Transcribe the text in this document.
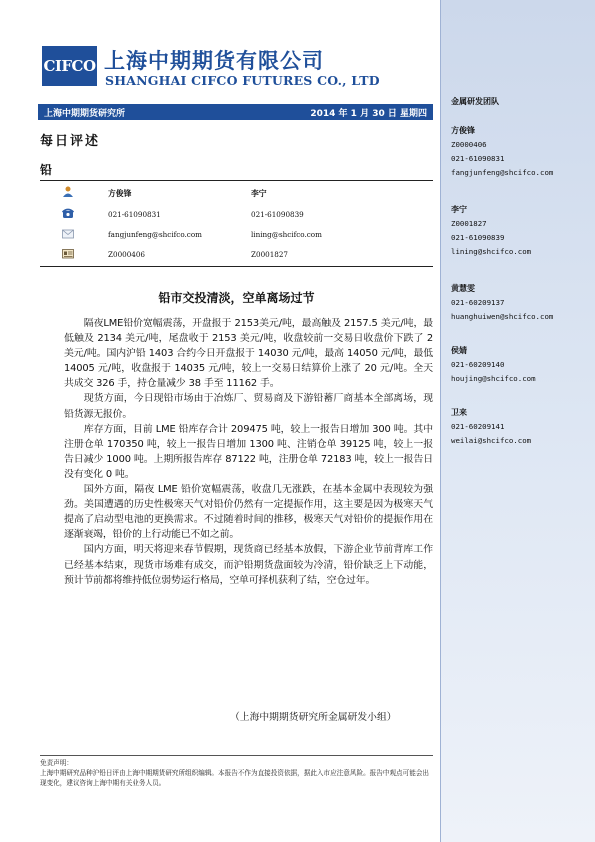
金属研发团队
方俊锋
Z0000406
021-61090831
fangjunfeng@shcifco.com
李宁
Z0001827
021-61090839
lining@shcifco.com
黄慧雯
021-60209137
huanghuiwen@shcifco.com
侯婧
021-60209140
houjing@shcifco.com
卫来
021-60209141
weilai@shcifco.com
CIFCO 上海中期期货有限公司
SHANGHAI CIFCO FUTURES CO., LTD
上海中期期货研究所	2014 年 1 月 30 日 星期四
每日评述
铅
方俊锋	李宁
021-61090831	021-61090839
fangjunfeng@shcifco.com	lining@shcifco.com
Z0000406	Z0001827
铅市交投清淡，空单离场过节

隔夜LME铅价宽幅震荡，开盘报于 2153美元/吨，最高触及 2157.5 美元/吨，最低触及 2134 美元/吨，尾盘收于 2153 美元/吨，收盘较前一交易日收盘价下跌了 2 美元/吨。国内沪铅 1403 合约今日开盘报于 14030 元/吨，最高 14050 元/吨，最低 14005 元/吨，收盘报于 14035 元/吨，较上一交易日结算价上涨了 20 元/吨。全天共成交 326 手，持仓量减少 38 手至 11162 手。

现货方面，今日现铅市场由于冶炼厂、贸易商及下游铅蓄厂商基本全部离场，现铅货源无报价。

库存方面，目前 LME 铅库存合计 209475 吨，较上一报告日增加 300 吨。其中注册仓单 170350 吨，较上一报告日增加 1300 吨、注销仓单 39125 吨，较上一报告日减少 1000 吨。上期所报告库存 87122 吨，注册仓单 72183 吨，较上一报告日没有变化 0 吨。

国外方面，隔夜 LME 铅价宽幅震荡，收盘几无涨跌，在基本金属中表现较为强劲。美国遭遇的历史性极寒天气对铅价仍然有一定提振作用，这主要是因为极寒天气提高了启动型电池的更换需求。不过随着时间的推移，极寒天气对铅价的提振作用在逐渐衰竭，铅价的上行动能已不如之前。

国内方面，明天将迎来春节假期，现货商已经基本放假，下游企业节前背库工作已经基本结束，现货市场难有成交，而沪铅期货盘面较为冷清，铅价缺乏上下动能，预计节前都将维持低位弱势运行格局，空单可择机获利了结，空仓过年。

（上海中期期货研究所金属研发小组）
免责声明：
上海中期研究品种沪铅日评由上海中期期货研究所组织编辑。本报告不作为直接投资依据，据此入市应注意风险。报告中观点可能会出现变化，建议咨询上海中期有关业务人员。
